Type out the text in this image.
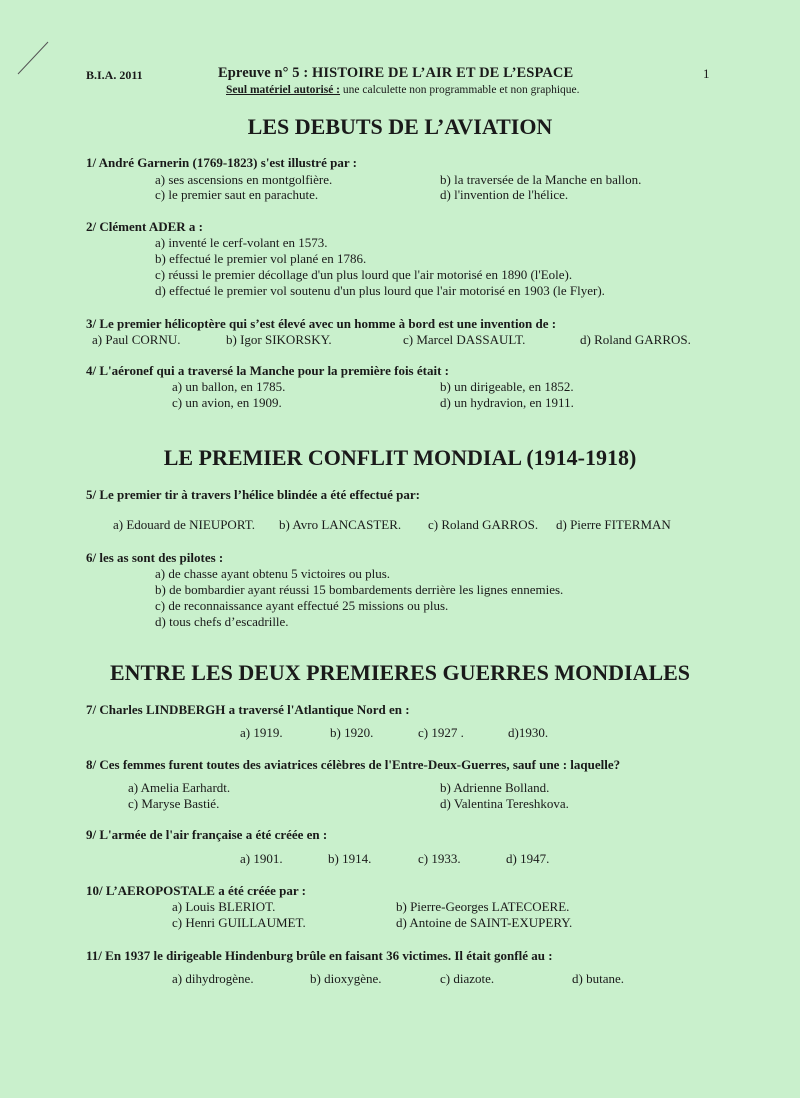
B.I.A. 2011	Epreuve n° 5 : HISTOIRE DE L’AIR ET DE L’ESPACE	1
Seul matériel autorisé : une calculette non programmable et non graphique.
LES DEBUTS DE L’AVIATION
1/ André Garnerin (1769-1823) s'est illustré par :
a) ses ascensions en montgolfière.	b) la traversée de la Manche en ballon.
c) le premier saut en parachute.	d) l'invention de l'hélice.
2/ Clément ADER a :
a) inventé le cerf-volant en 1573.
b) effectué le premier vol plané en 1786.
c) réussi le premier décollage d'un plus lourd que l'air motorisé en 1890 (l'Eole).
d) effectué le premier vol soutenu d'un plus lourd que l'air motorisé en 1903 (le Flyer).
3/ Le premier hélicoptère qui s’est élevé avec un homme à bord est une invention de :
a) Paul CORNU.	b) Igor SIKORSKY.	c) Marcel DASSAULT.	d) Roland GARROS.
4/ L'aéronef qui a traversé la Manche pour la première fois était :
a) un ballon, en 1785.	b) un dirigeable, en 1852.
c) un avion, en 1909.	d) un hydravion, en 1911.
LE PREMIER CONFLIT MONDIAL (1914-1918)
5/ Le premier tir à travers l’hélice blindée a été effectué par:
a) Edouard de NIEUPORT. b) Avro LANCASTER. c) Roland GARROS. d) Pierre FITERMAN
6/ les as sont des pilotes :
a) de chasse ayant obtenu 5 victoires ou plus.
b) de bombardier ayant réussi 15 bombardements derrière les lignes ennemies.
c) de reconnaissance ayant effectué 25 missions ou plus.
d) tous chefs d’escadrille.
ENTRE LES DEUX PREMIERES GUERRES MONDIALES
7/ Charles LINDBERGH a traversé l'Atlantique Nord en :
a) 1919.	b) 1920.	c) 1927 .	d)1930.
8/ Ces femmes furent toutes des aviatrices célèbres de l'Entre-Deux-Guerres, sauf une : laquelle?
a) Amelia Earhardt.	b) Adrienne Bolland.
c) Maryse Bastié.	d) Valentina Tereshkova.
9/ L'armée de l'air française a été créée en :
a) 1901.	b) 1914.	c) 1933.	d) 1947.
10/ L’AEROPOSTALE a été créée par :
a) Louis BLERIOT.	b) Pierre-Georges LATECOERE.
c) Henri GUILLAUMET.	d) Antoine de SAINT-EXUPERY.
11/ En 1937 le dirigeable Hindenburg brûle en faisant 36 victimes. Il était gonflé au :
a) dihydrogène.	b) dioxygène.	c) diazote.	d) butane.
